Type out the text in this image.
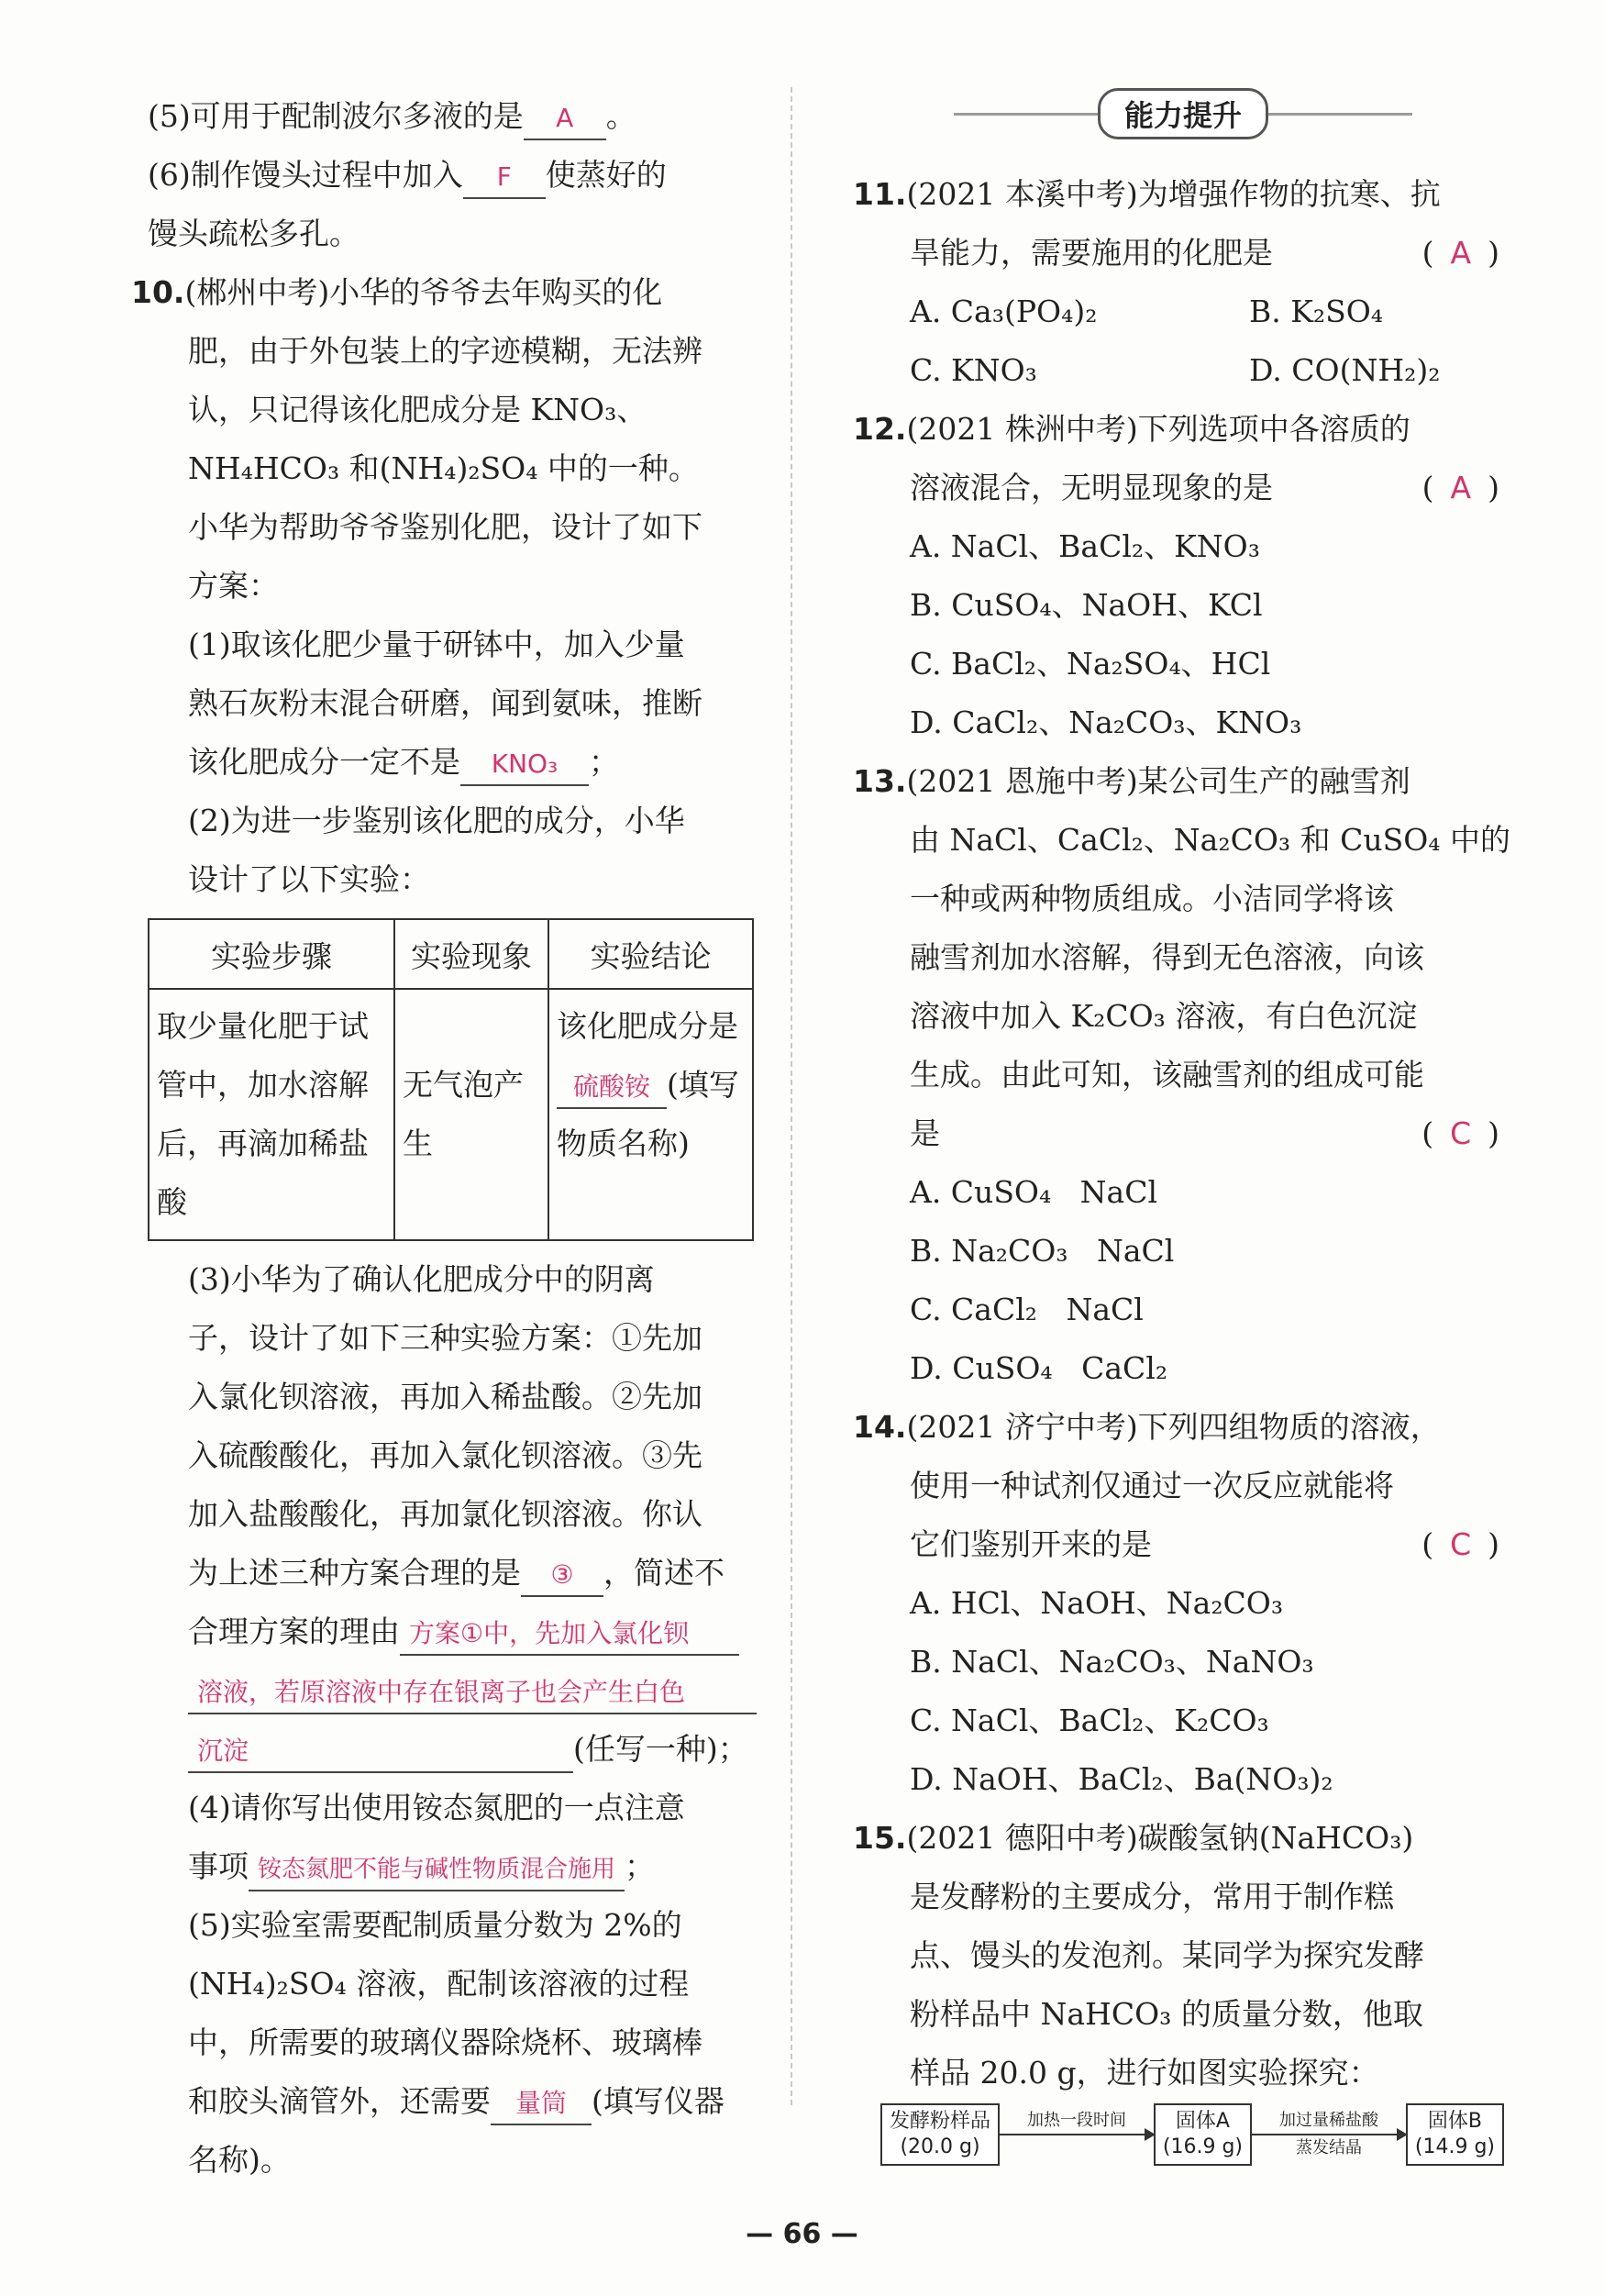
(5)可用于配制波尔多液的是 A 。
(6)制作馒头过程中加入 F 使蒸好的
馒头疏松多孔。
10.(郴州中考)小华的爷爷去年购买的化
肥，由于外包装上的字迹模糊，无法辨
认，只记得该化肥成分是 KNO₃、
NH₄HCO₃ 和(NH₄)₂SO₄ 中的一种。
小华为帮助爷爷鉴别化肥，设计了如下
方案：
(1)取该化肥少量于研钵中，加入少量
熟石灰粉末混合研磨，闻到氨味，推断
该化肥成分一定不是 KNO₃ ；
(2)为进一步鉴别该化肥的成分，小华
设计了以下实验：
实验步骤	实验现象	实验结论
取少量化肥于试管中，加水溶解后，再滴加稀盐酸	无气泡产生	该化肥成分是硫酸铵 (填写物质名称)
(3)小华为了确认化肥成分中的阴离
子，设计了如下三种实验方案：①先加
入氯化钡溶液，再加入稀盐酸。②先加
入硫酸酸化，再加入氯化钡溶液。③先
加入盐酸酸化，再加氯化钡溶液。你认
为上述三种方案合理的是 ③ ，简述不
合理方案的理由 方案①中，先加入氯化钡
溶液，若原溶液中存在银离子也会产生白色
沉淀	(任写一种)；
(4)请你写出使用铵态氮肥的一点注意
事项 铵态氮肥不能与碱性物质混合施用 ；
(5)实验室需要配制质量分数为 2%的
(NH₄)₂SO₄ 溶液，配制该溶液的过程
中，所需要的玻璃仪器除烧杯、玻璃棒
和胶头滴管外，还需要 量筒 (填写仪器
名称)。
能力提升
11.(2021 本溪中考)为增强作物的抗寒、抗
旱能力，需要施用的化肥是	( A )
A. Ca₃(PO₄)₂	B. K₂SO₄
C. KNO₃	D. CO(NH₂)₂
12.(2021 株洲中考)下列选项中各溶质的
溶液混合，无明显现象的是	( A )
A. NaCl、BaCl₂、KNO₃
B. CuSO₄、NaOH、KCl
C. BaCl₂、Na₂SO₄、HCl
D. CaCl₂、Na₂CO₃、KNO₃
13.(2021 恩施中考)某公司生产的融雪剂
由 NaCl、CaCl₂、Na₂CO₃ 和 CuSO₄ 中的
一种或两种物质组成。小洁同学将该
融雪剂加水溶解，得到无色溶液，向该
溶液中加入 K₂CO₃ 溶液，有白色沉淀
生成。由此可知，该融雪剂的组成可能
是	( C )
A. CuSO₄   NaCl
B. Na₂CO₃   NaCl
C. CaCl₂   NaCl
D. CuSO₄   CaCl₂
14.(2021 济宁中考)下列四组物质的溶液，
使用一种试剂仅通过一次反应就能将
它们鉴别开来的是	( C )
A. HCl、NaOH、Na₂CO₃
B. NaCl、Na₂CO₃、NaNO₃
C. NaCl、BaCl₂、K₂CO₃
D. NaOH、BaCl₂、Ba(NO₃)₂
15.(2021 德阳中考)碳酸氢钠(NaHCO₃)
是发酵粉的主要成分，常用于制作糕
点、馒头的发泡剂。某同学为探究发酵
粉样品中 NaHCO₃ 的质量分数，他取
样品 20.0 g，进行如图实验探究：
发酵粉样品
(20.0 g)
加热一段时间	固体A
(16.9 g)
加过量稀盐酸
蒸发结晶
固体B
(14.9 g)
— 66 —
